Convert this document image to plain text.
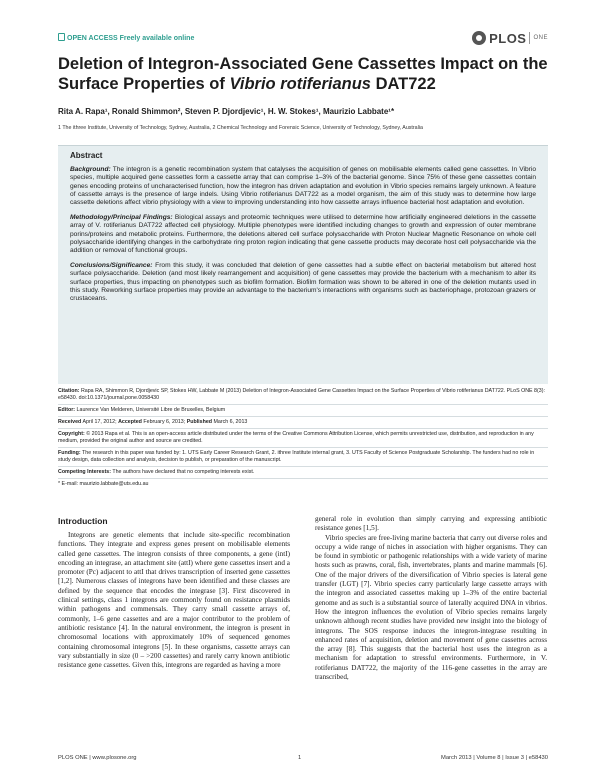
OPEN ACCESS Freely available online	PLOS ONE
Deletion of Integron-Associated Gene Cassettes Impact on the Surface Properties of Vibrio rotiferianus DAT722
Rita A. Rapa¹, Ronald Shimmon², Steven P. Djordjevic¹, H. W. Stokes¹, Maurizio Labbate¹*
1 The ithree Institute, University of Technology, Sydney, Australia, 2 Chemical Technology and Forensic Science, University of Technology, Sydney, Australia
Abstract

Background: The integron is a genetic recombination system that catalyses the acquisition of genes on mobilisable elements called gene cassettes. In Vibrio species, multiple acquired gene cassettes form a cassette array that can comprise 1–3% of the bacterial genome. Since 75% of these gene cassettes contain genes encoding proteins of uncharacterised function, how the integron has driven adaptation and evolution in Vibrio species remains largely unknown. A feature of cassette arrays is the presence of large indels. Using Vibrio rotiferianus DAT722 as a model organism, the aim of this study was to determine how large cassette deletions affect vibrio physiology with a view to improving understanding into how cassette arrays influence bacterial host adaptation and evolution.

Methodology/Principal Findings: Biological assays and proteomic techniques were utilised to determine how artificially engineered deletions in the cassette array of V. rotiferianus DAT722 affected cell physiology. Multiple phenotypes were identified including changes to growth and expression of outer membrane porins/proteins and metabolic proteins. Furthermore, the deletions altered cell surface polysaccharide with Proton Nuclear Magnetic Resonance on whole cell polysaccharide identifying changes in the carbohydrate ring proton region indicating that gene cassette products may decorate host cell polysaccharide via the addition or removal of functional groups.

Conclusions/Significance: From this study, it was concluded that deletion of gene cassettes had a subtle effect on bacterial metabolism but altered host surface polysaccharide. Deletion (and most likely rearrangement and acquisition) of gene cassettes may provide the bacterium with a mechanism to alter its surface properties, thus impacting on phenotypes such as biofilm formation. Biofilm formation was shown to be altered in one of the deletion mutants used in this study. Reworking surface properties may provide an advantage to the bacterium's interactions with organisms such as bacteriophage, protozoan grazers or crustaceans.

Citation: Rapa RA, Shimmon R, Djordjevic SP, Stokes HW, Labbate M (2013) Deletion of Integron-Associated Gene Cassettes Impact on the Surface Properties of Vibrio rotiferianus DAT722. PLoS ONE 8(3): e58430. doi:10.1371/journal.pone.0058430
Editor: Laurence Van Melderen, Université Libre de Bruxelles, Belgium
Received April 17, 2012; Accepted February 6, 2013; Published March 6, 2013
Copyright: © 2013 Rapa et al. This is an open-access article distributed under the terms of the Creative Commons Attribution License, which permits unrestricted use, distribution, and reproduction in any medium, provided the original author and source are credited.
Funding: The research in this paper was funded by: 1. UTS Early Career Research Grant, 2. ithree Institute internal grant, 3. UTS Faculty of Science Postgraduate Scholarship. The funders had no role in study design, data collection and analysis, decision to publish, or preparation of the manuscript.
Competing Interests: The authors have declared that no competing interests exist.
* E-mail: maurizio.labbate@uts.edu.au
Introduction

Integrons are genetic elements that include site-specific recombination functions. They integrate and express genes present on mobilisable elements called gene cassettes. The integron consists of three components, a gene (intI) encoding an integrase, an attachment site (attI) where gene cassettes insert and a promoter (Pc) adjacent to attI that drives transcription of inserted gene cassettes [1,2]. Numerous classes of integrons have been identified and these classes are defined by the sequence that encodes the integrase [3]. First discovered in clinical settings, class 1 integrons are commonly found on resistance plasmids within pathogens and commensals. They carry small cassette arrays of, commonly, 1–6 gene cassettes and are a major contributor to the problem of antibiotic resistance [4]. In the natural environment, the integron is present in chromosomal locations with approximately 10% of sequenced genomes containing chromosomal integrons [5]. In these organisms, cassette arrays can vary substantially in size (0 – >200 cassettes) and rarely carry known antibiotic resistance gene cassettes. Given this, integrons are regarded as having a more

general role in evolution than simply carrying and expressing antibiotic resistance genes [1,5].

Vibrio species are free-living marine bacteria that carry out diverse roles and occupy a wide range of niches in association with higher organisms. They can be found in symbiotic or pathogenic relationships with a wide variety of marine hosts such as prawns, coral, fish, invertebrates, plants and marine mammals [6]. One of the major drivers of the diversification of Vibrio species is lateral gene transfer (LGT) [7]. Vibrio species carry particularly large cassette arrays with the integron and associated cassettes making up 1–3% of the entire bacterial genome and as such is a substantial source of laterally acquired DNA in vibrios. How the integron influences the evolution of Vibrio species remains largely unknown although recent studies have provided new insight into the biology of integrons. The SOS response induces the integron-integrase resulting in enhanced rates of acquisition, deletion and movement of gene cassettes across the array [8]. This suggests that the bacterial host uses the integron as a mechanism for adaptation to stressful environments. Furthermore, in V. rotiferianus DAT722, the majority of the 116-gene cassettes in the array are transcribed,

PLOS ONE | www.plosone.org	1	March 2013 | Volume 8 | Issue 3 | e58430
